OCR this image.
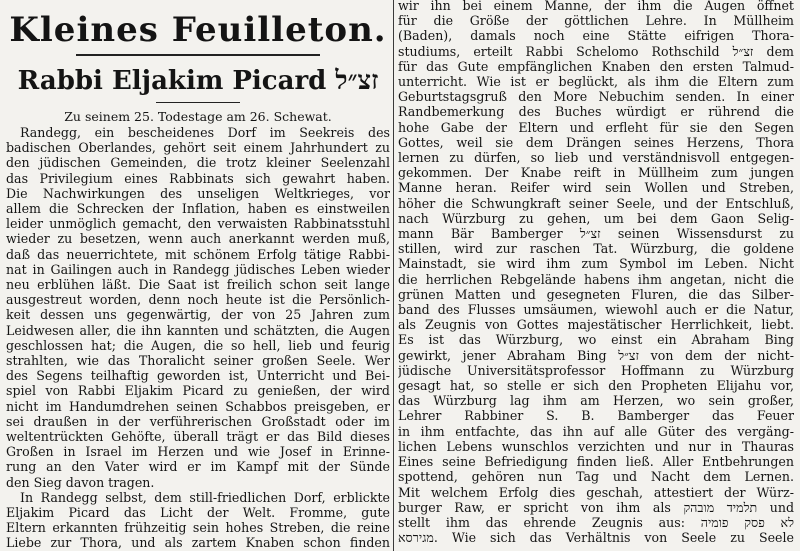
Kleines Feuilleton.
Rabbi Eljakim Picard זצ״ל
Zu seinem 25. Todestage am 26. Schewat.
Randegg, ein bescheidenes Dorf im Seekreis des
badischen Oberlandes, gehört seit einem Jahrhundert zu
den jüdischen Gemeinden, die trotz kleiner Seelenzahl
das Privilegium eines Rabbinats sich gewahrt haben.
Die Nachwirkungen des unseligen Weltkrieges, vor
allem die Schrecken der Inflation, haben es einstweilen
leider unmöglich gemacht, den verwaisten Rabbinatsstuhl
wieder zu besetzen, wenn auch anerkannt werden muß,
daß das neuerrichtete, mit schönem Erfolg tätige Rabbi-
nat in Gailingen auch in Randegg jüdisches Leben wieder
neu erblühen läßt. Die Saat ist freilich schon seit lange
ausgestreut worden, denn noch heute ist die Persönlich-
keit dessen uns gegenwärtig, der von 25 Jahren zum
Leidwesen aller, die ihn kannten und schätzten, die Augen
geschlossen hat; die Augen, die so hell, lieb und feurig
strahlten, wie das Thoralicht seiner großen Seele. Wer
des Segens teilhaftig geworden ist, Unterricht und Bei-
spiel von Rabbi Eljakim Picard zu genießen, der wird
nicht im Handumdrehen seinen Schabbos preisgeben, er
sei draußen in der verführerischen Großstadt oder im
weltentrückten Gehöfte, überall trägt er das Bild dieses
Großen in Israel im Herzen und wie Josef in Erinne-
rung an den Vater wird er im Kampf mit der Sünde
den Sieg davon tragen.
In Randegg selbst, dem still-friedlichen Dorf, erblickte
Eljakim Picard das Licht der Welt. Fromme, gute
Eltern erkannten frühzeitig sein hohes Streben, die reine
Liebe zur Thora, und als zartem Knaben schon finden
wir ihn bei einem Manne, der ihm die Augen öffnet
für die Größe der göttlichen Lehre. In Müllheim
(Baden), damals noch eine Stätte eifrigen Thora-
studiums, erteilt Rabbi Schelomo Rothschild זצ״ל dem
für das Gute empfänglichen Knaben den ersten Talmud-
unterricht. Wie ist er beglückt, als ihm die Eltern zum
Geburtstagsgruß den More Nebuchim senden. In einer
Randbemerkung des Buches würdigt er rührend die
hohe Gabe der Eltern und erfleht für sie den Segen
Gottes, weil sie dem Drängen seines Herzens, Thora
lernen zu dürfen, so lieb und verständnisvoll entgegen-
gekommen. Der Knabe reift in Müllheim zum jungen
Manne heran. Reifer wird sein Wollen und Streben,
höher die Schwungkraft seiner Seele, und der Entschluß,
nach Würzburg zu gehen, um bei dem Gaon Selig-
mann Bär Bamberger זצ״ל seinen Wissensdurst zu
stillen, wird zur raschen Tat. Würzburg, die goldene
Mainstadt, sie wird ihm zum Symbol im Leben. Nicht
die herrlichen Rebgelände habens ihm angetan, nicht die
grünen Matten und gesegneten Fluren, die das Silber-
band des Flusses umsäumen, wiewohl auch er die Natur,
als Zeugnis von Gottes majestätischer Herrlichkeit, liebt.
Es ist das Würzburg, wo einst ein Abraham Bing
gewirkt, jener Abraham Bing זצ״ל von dem der nicht-
jüdische Universitätsprofessor Hoffmann zu Würzburg
gesagt hat, so stelle er sich den Propheten Elijahu vor,
das Würzburg lag ihm am Herzen, wo sein großer,
Lehrer Rabbiner S. B. Bamberger das Feuer
in ihm entfachte, das ihn auf alle Güter des vergäng-
lichen Lebens wunschlos verzichten und nur in Thauras
Eines seine Befriedigung finden ließ. Aller Entbehrungen
spottend, gehören nun Tag und Nacht dem Lernen.
Mit welchem Erfolg dies geschah, attestiert der Würz-
burger Raw, er spricht von ihm als תלמיד מובהק und
stellt ihm das ehrende Zeugnis aus: לא פסק פומיה
מגירסא. Wie sich das Verhältnis von Seele zu Seele
